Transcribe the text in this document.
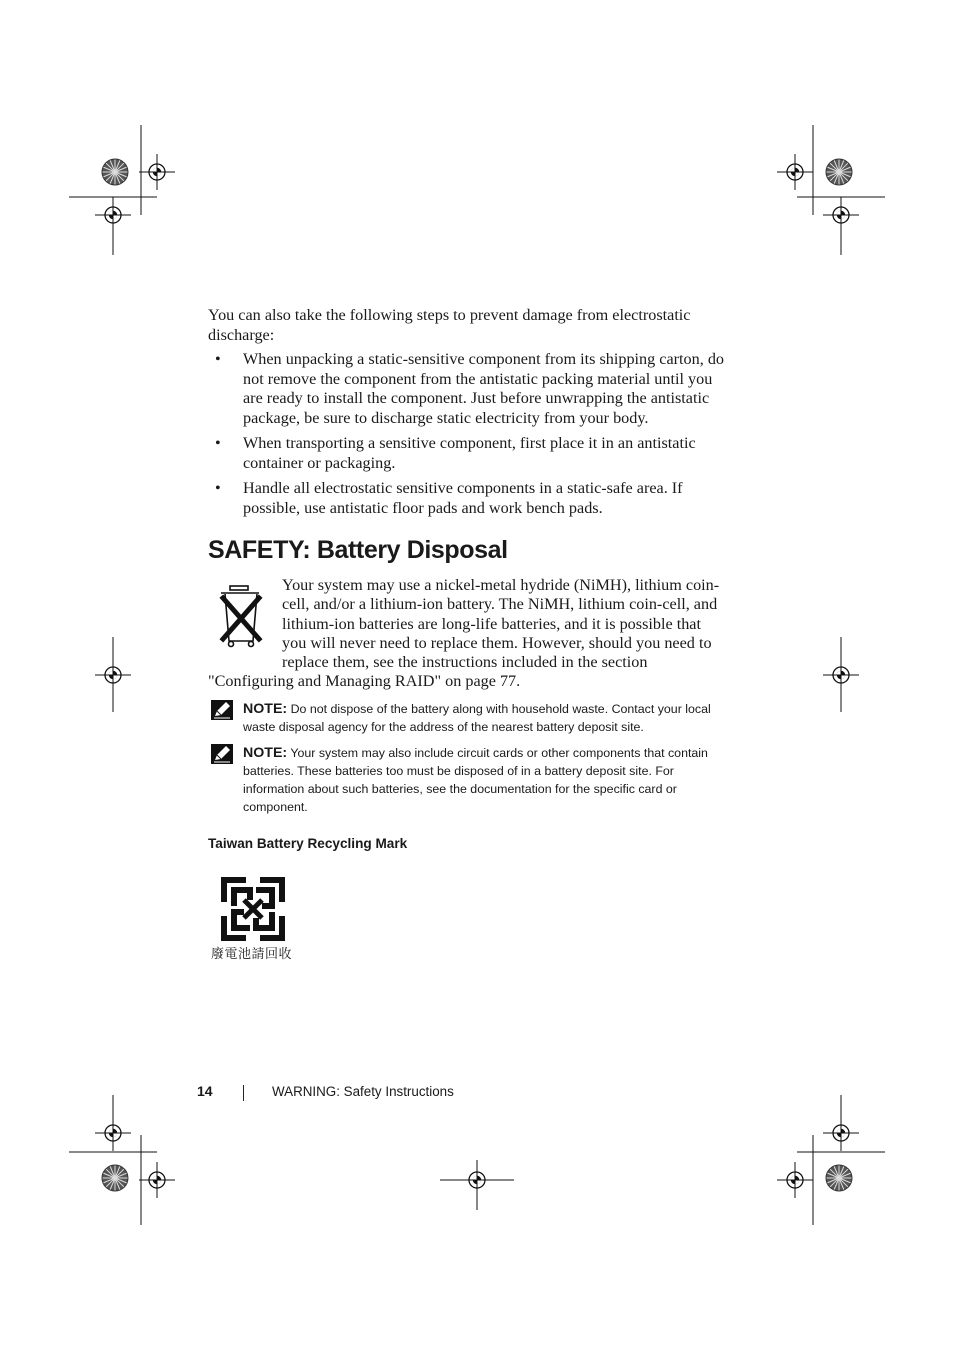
You can also take the following steps to prevent damage from electrostatic discharge:

• When unpacking a static-sensitive component from its shipping carton, do not remove the component from the antistatic packing material until you are ready to install the component. Just before unwrapping the antistatic package, be sure to discharge static electricity from your body.
• When transporting a sensitive component, first place it in an antistatic container or packaging.
• Handle all electrostatic sensitive components in a static-safe area. If possible, use antistatic floor pads and work bench pads.
SAFETY: Battery Disposal

Your system may use a nickel-metal hydride (NiMH), lithium coin-cell, and/or a lithium-ion battery. The NiMH, lithium coin-cell, and lithium-ion batteries are long-life batteries, and it is possible that you will never need to replace them. However, should you need to replace them, see the instructions included in the section "Configuring and Managing RAID" on page 77.

NOTE: Do not dispose of the battery along with household waste. Contact your local waste disposal agency for the address of the nearest battery deposit site.
NOTE: Your system may also include circuit cards or other components that contain batteries. These batteries too must be disposed of in a battery deposit site. For information about such batteries, see the documentation for the specific card or component.
Taiwan Battery Recycling Mark
廢電池請回收
14	WARNING: Safety Instructions
